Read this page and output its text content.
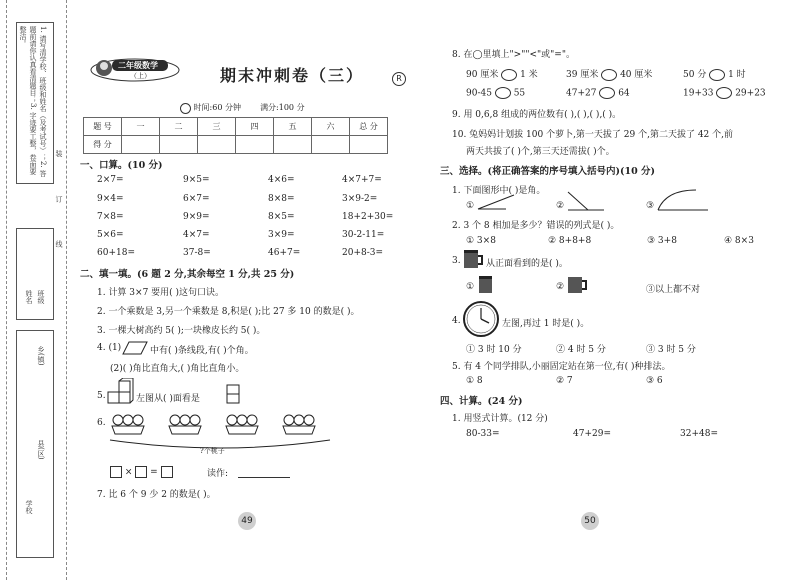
1. 请写清学校、班级和姓名（及考试号）；2. 答题前请你认真看清题目；3. 字迹要工整，卷面要整洁。
装 订 线
班级
姓名
乡(镇)
县(区)
学校
二年级数学
（上）	期末冲刺卷（三）	R
时间:60 分钟 满分:100 分
题 号	一	二	三	四	五	六	总 分
得 分							
一、口算。(10 分)
2×7=	9×5=	4×6=	4×7+7=
9×4=	6×7=	8×8=	3×9-2=
7×8=	9×9=	8×5=	18+2+30=
5×6=	4×7=	3×9=	30-2-11=
60+18=	37-8=	46+7=	20+8-3=
二、填一填。(6 题 2 分,其余每空 1 分,共 25 分)
1. 计算 3×7 要用( )这句口诀。
2. 一个乘数是 3,另一个乘数是 8,积是( );比 27 多 10 的数是( )。
3. 一棵大树高约 5( );一块橡皮长约 5( )。
4. (1)	中有( )条线段,有( )个角。
(2)( )角比直角大,( )角比直角小。
5.	左图从( )面看是
6.
?个桃子
×  =	读作:
7. 比 6 个 9 少 2 的数是( )。
49
8. 在◯里填上">""<"或"="。
90 厘米 1 米	39 厘米 40 厘米	50 分 1 时
90-45 55	47+27 64	19+33 29+23
9. 用 0,6,8 组成的两位数有( ),( ),( ),( )。
10. 兔妈妈计划拔 100 个萝卜,第一天拔了 29 个,第二天拔了 42 个,前
两天共拔了( )个,第三天还需拔( )个。
三、选择。(将正确答案的序号填入括号内)(10 分)
1. 下面图形中( )是角。
①	②	③
2. 3 个 8 相加是多少？错误的列式是( )。
① 3×8	② 8+8+8	③ 3+8	④ 8×3
3.	从正面看到的是( )。
①	②	③以上都不对
4.	左图,再过 1 时是( )。
① 3 时 10 分	② 4 时 5 分	③ 3 时 5 分
5. 有 4 个同学排队,小丽固定站在第一位,有( )种排法。
① 8	② 7	③ 6
四、计算。(24 分)
1. 用竖式计算。(12 分)
80-33=	47+29=	32+48=
50
